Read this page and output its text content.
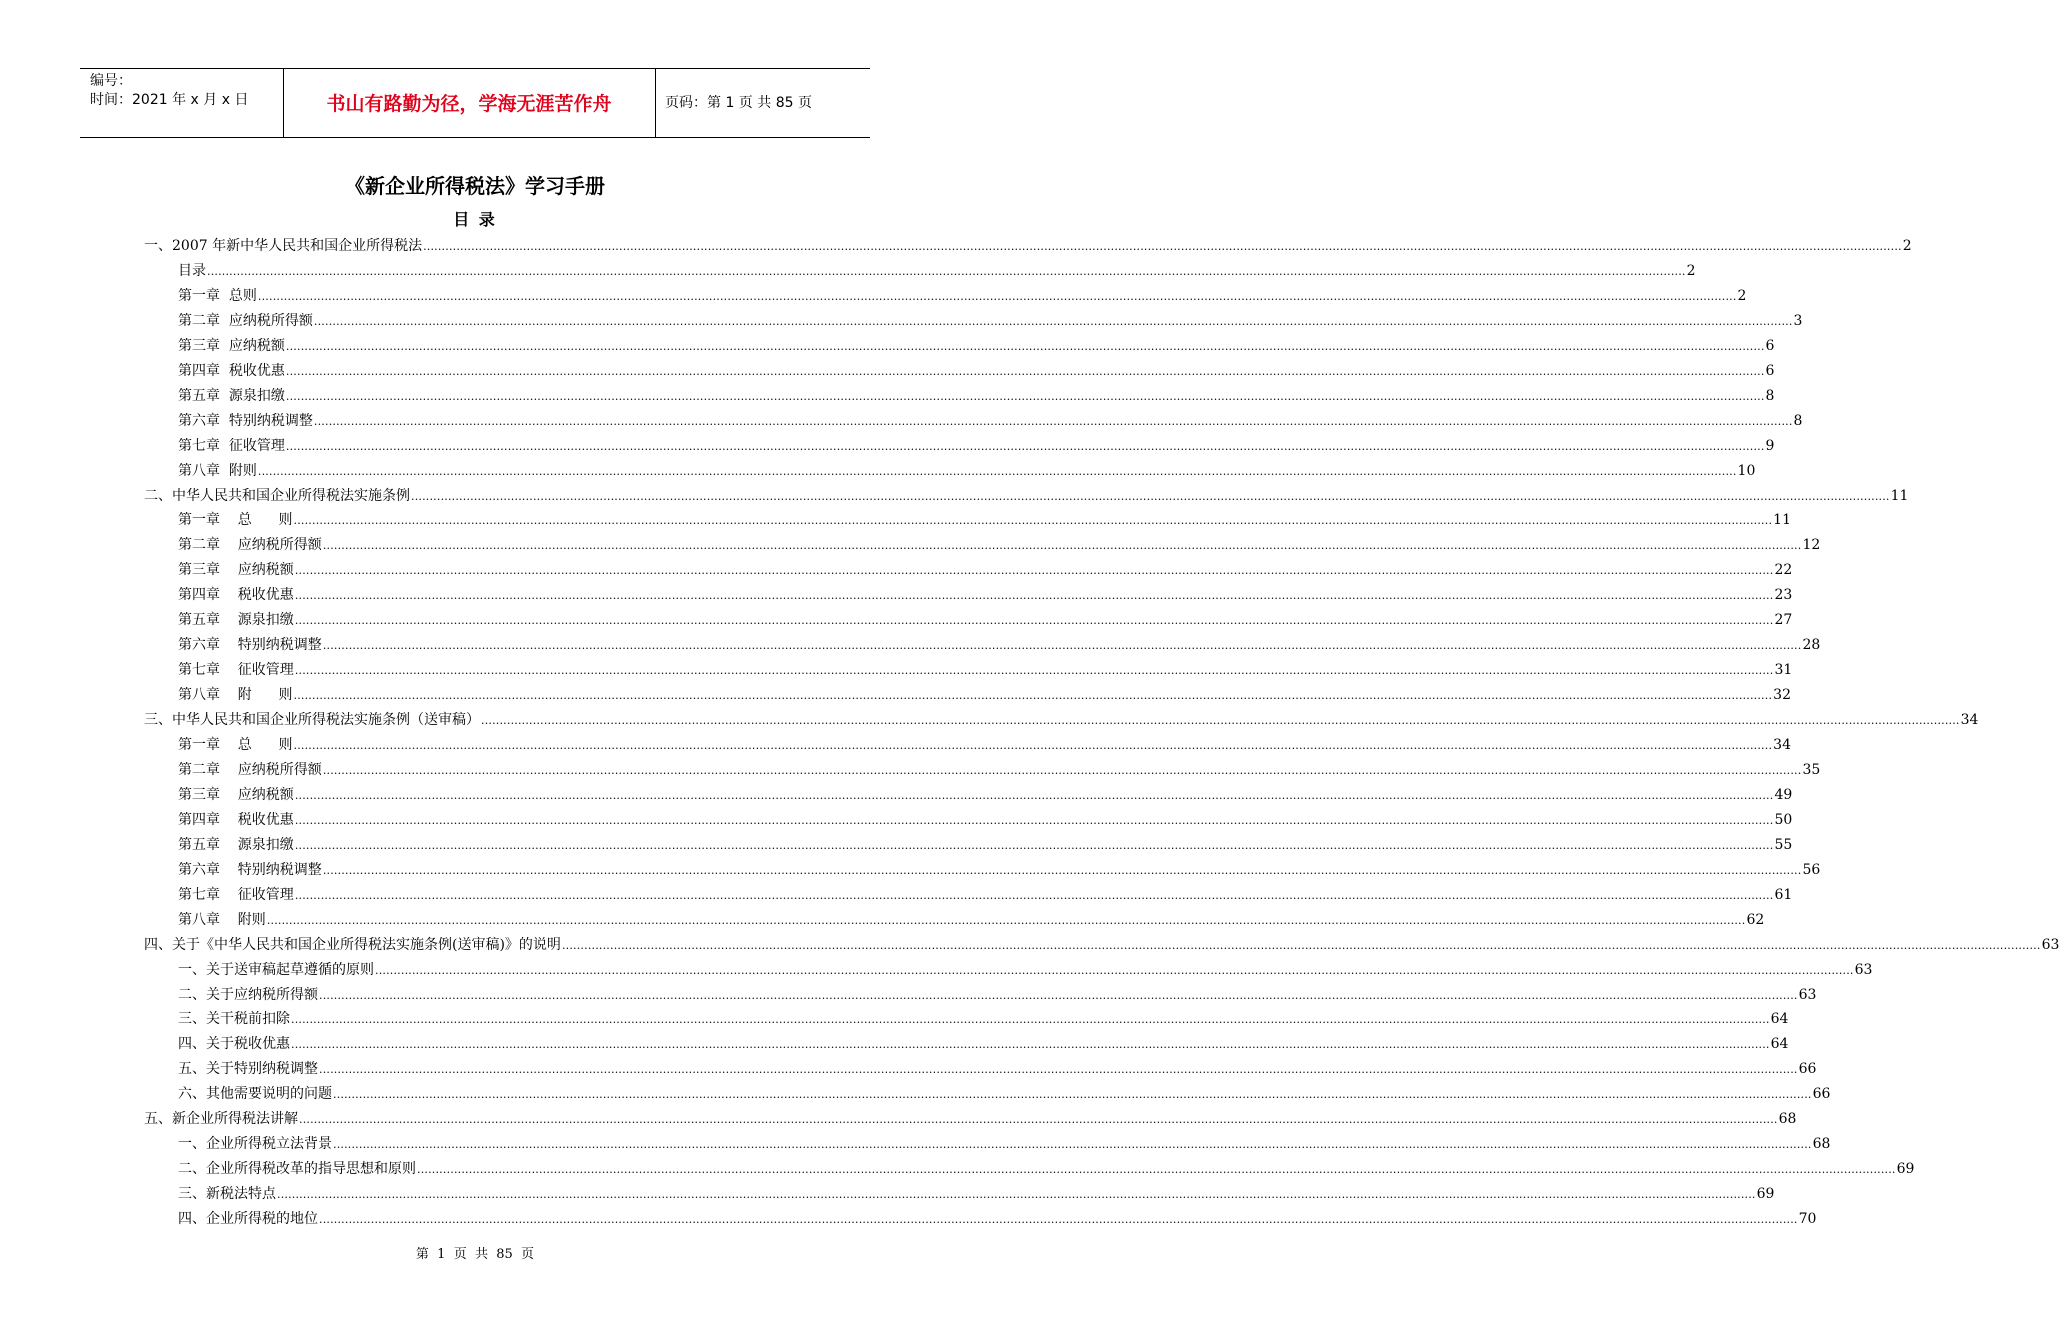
编号：
时间：2021 年 x 月 x 日	书山有路勤为径，学海无涯苦作舟	页码：第 1 页 共 85 页
《新企业所得税法》学习手册
目 录
一、2007 年新中华人民共和国企业所得税法 ................................................................................................................................................................................................................................................................................................................................................................................................................ 2
目录 ................................................................................................................................................................................................................................................................................................................................................................................................................ 2
第一章  总则 ................................................................................................................................................................................................................................................................................................................................................................................................................ 2
第二章  应纳税所得额 ................................................................................................................................................................................................................................................................................................................................................................................................................ 3
第三章  应纳税额 ................................................................................................................................................................................................................................................................................................................................................................................................................ 6
第四章  税收优惠 ................................................................................................................................................................................................................................................................................................................................................................................................................ 6
第五章  源泉扣缴 ................................................................................................................................................................................................................................................................................................................................................................................................................ 8
第六章  特别纳税调整 ................................................................................................................................................................................................................................................................................................................................................................................................................ 8
第七章  征收管理 ................................................................................................................................................................................................................................................................................................................................................................................................................ 9
第八章  附则 ................................................................................................................................................................................................................................................................................................................................................................................................................ 10
二、中华人民共和国企业所得税法实施条例 ................................................................................................................................................................................................................................................................................................................................................................................................................ 11
第一章    总      则 ................................................................................................................................................................................................................................................................................................................................................................................................................ 11
第二章    应纳税所得额 ................................................................................................................................................................................................................................................................................................................................................................................................................ 12
第三章    应纳税额 ................................................................................................................................................................................................................................................................................................................................................................................................................ 22
第四章    税收优惠 ................................................................................................................................................................................................................................................................................................................................................................................................................ 23
第五章    源泉扣缴 ................................................................................................................................................................................................................................................................................................................................................................................................................ 27
第六章    特别纳税调整 ................................................................................................................................................................................................................................................................................................................................................................................................................ 28
第七章    征收管理 ................................................................................................................................................................................................................................................................................................................................................................................................................ 31
第八章    附      则 ................................................................................................................................................................................................................................................................................................................................................................................................................ 32
三、中华人民共和国企业所得税法实施条例（送审稿） ................................................................................................................................................................................................................................................................................................................................................................................................................ 34
第一章    总      则 ................................................................................................................................................................................................................................................................................................................................................................................................................ 34
第二章    应纳税所得额 ................................................................................................................................................................................................................................................................................................................................................................................................................ 35
第三章    应纳税额 ................................................................................................................................................................................................................................................................................................................................................................................................................ 49
第四章    税收优惠 ................................................................................................................................................................................................................................................................................................................................................................................................................ 50
第五章    源泉扣缴 ................................................................................................................................................................................................................................................................................................................................................................................................................ 55
第六章    特别纳税调整 ................................................................................................................................................................................................................................................................................................................................................................................................................ 56
第七章    征收管理 ................................................................................................................................................................................................................................................................................................................................................................................................................ 61
第八章    附则 ................................................................................................................................................................................................................................................................................................................................................................................................................ 62
四、关于《中华人民共和国企业所得税法实施条例(送审稿)》的说明 ................................................................................................................................................................................................................................................................................................................................................................................................................ 63
一、关于送审稿起草遵循的原则 ................................................................................................................................................................................................................................................................................................................................................................................................................ 63
二、关于应纳税所得额 ................................................................................................................................................................................................................................................................................................................................................................................................................ 63
三、关干税前扣除 ................................................................................................................................................................................................................................................................................................................................................................................................................ 64
四、关于税收优惠 ................................................................................................................................................................................................................................................................................................................................................................................................................ 64
五、关于特别纳税调整 ................................................................................................................................................................................................................................................................................................................................................................................................................ 66
六、其他需要说明的问题 ................................................................................................................................................................................................................................................................................................................................................................................................................ 66
五、新企业所得税法讲解 ................................................................................................................................................................................................................................................................................................................................................................................................................ 68
一、企业所得税立法背景 ................................................................................................................................................................................................................................................................................................................................................................................................................ 68
二、企业所得税改革的指导思想和原则 ................................................................................................................................................................................................................................................................................................................................................................................................................ 69
三、新税法特点 ................................................................................................................................................................................................................................................................................................................................................................................................................ 69
四、企业所得税的地位 ................................................................................................................................................................................................................................................................................................................................................................................................................ 70
第  1  页  共  85  页
